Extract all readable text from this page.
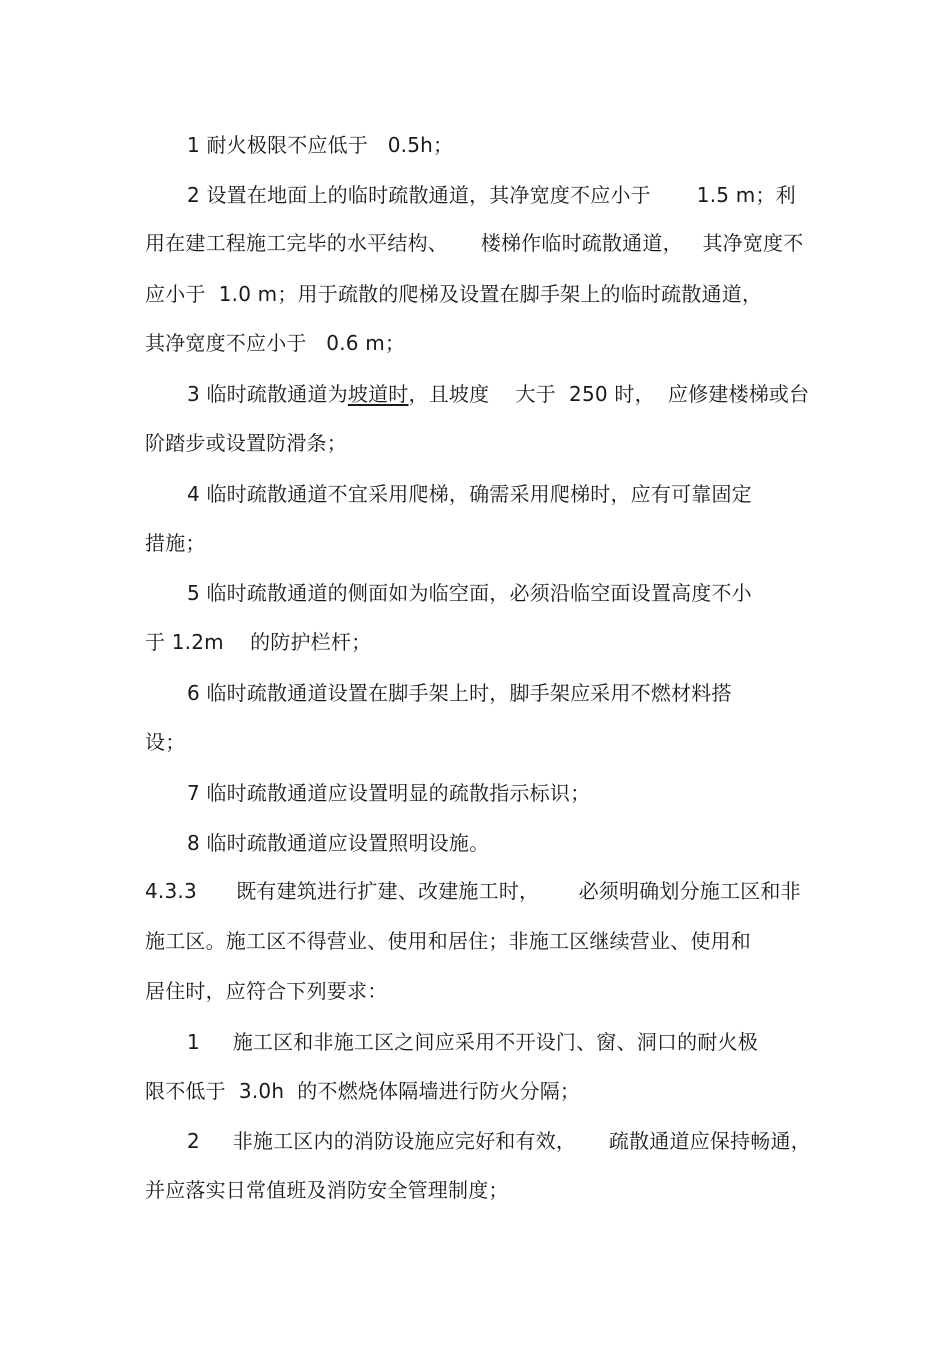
1 耐火极限不应低于   0.5h；
2 设置在地面上的临时疏散通道，其净宽度不应小于       1.5 m；利
用在建工程施工完毕的水平结构、     楼梯作临时疏散通道，   其净宽度不
应小于  1.0 m；用于疏散的爬梯及设置在脚手架上的临时疏散通道，
其净宽度不应小于   0.6 m；
3 临时疏散通道为坡道时，且坡度    大于  250 时，  应修建楼梯或台
阶踏步或设置防滑条；
4 临时疏散通道不宜采用爬梯，确需采用爬梯时，应有可靠固定
措施；
5 临时疏散通道的侧面如为临空面，必须沿临空面设置高度不小
于 1.2m    的防护栏杆；
6 临时疏散通道设置在脚手架上时，脚手架应采用不燃材料搭
设；
7 临时疏散通道应设置明显的疏散指示标识；
8 临时疏散通道应设置照明设施。
4.3.3      既有建筑进行扩建、改建施工时，      必须明确划分施工区和非
施工区。施工区不得营业、使用和居住；非施工区继续营业、使用和
居住时，应符合下列要求：
1     施工区和非施工区之间应采用不开设门、窗、洞口的耐火极
限不低于  3.0h  的不燃烧体隔墙进行防火分隔；
2     非施工区内的消防设施应完好和有效，     疏散通道应保持畅通，
并应落实日常值班及消防安全管理制度；
